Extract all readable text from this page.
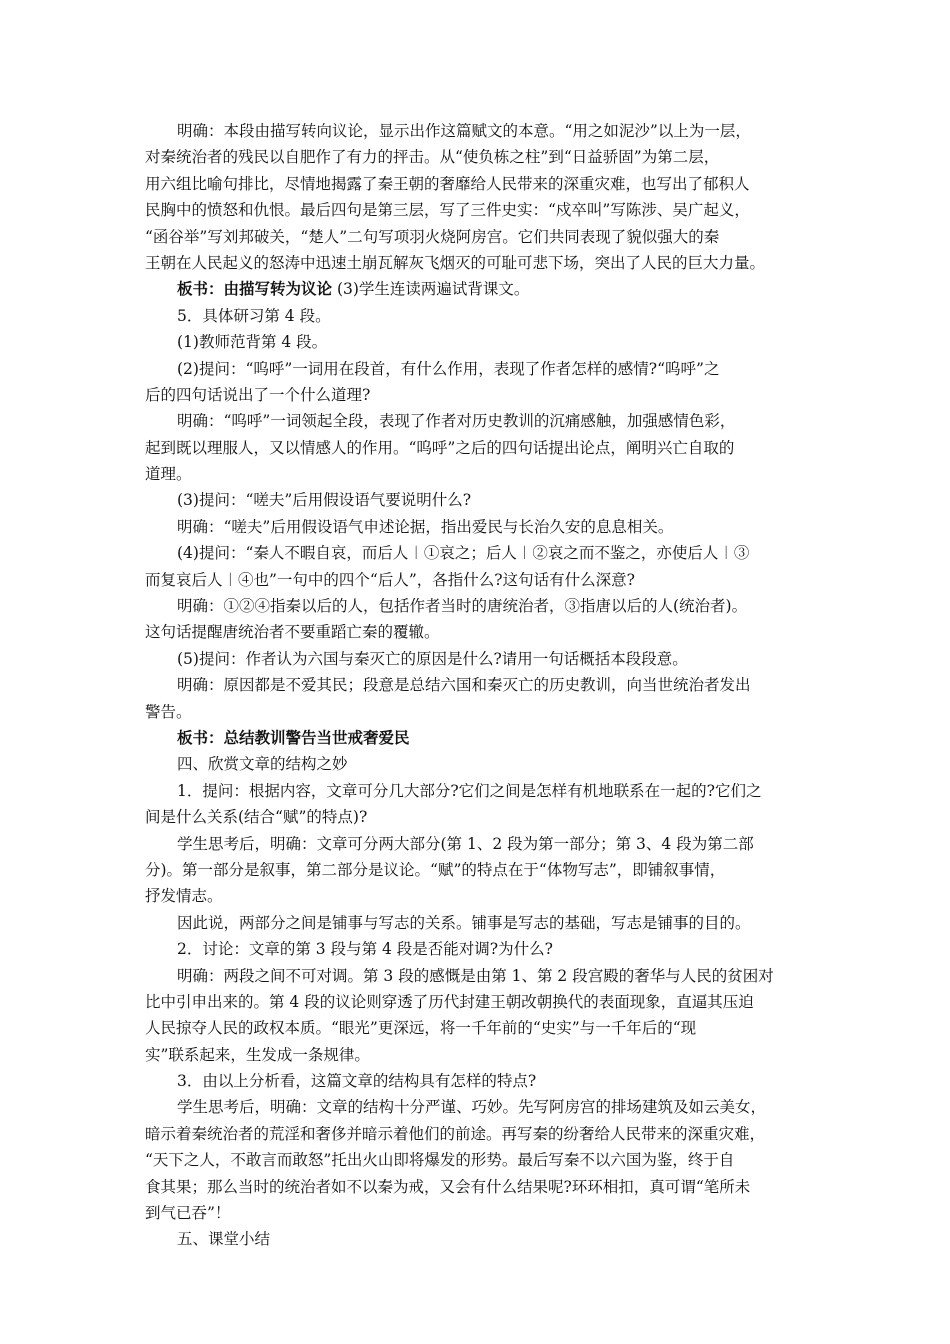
明确：本段由描写转向议论，显示出作这篇赋文的本意。“用之如泥沙”以上为一层，
对秦统治者的残民以自肥作了有力的抨击。从“使负栋之柱”到“日益骄固”为第二层，
用六组比喻句排比，尽情地揭露了秦王朝的奢靡给人民带来的深重灾难，也写出了郁积人
民胸中的愤怒和仇恨。最后四句是第三层，写了三件史实：“戍卒叫”写陈涉、吴广起义，
“函谷举”写刘邦破关，“楚人”二句写项羽火烧阿房宫。它们共同表现了貌似强大的秦
王朝在人民起义的怒涛中迅速土崩瓦解灰飞烟灭的可耻可悲下场，突出了人民的巨大力量。
板书：由描写转为议论 (3)学生连读两遍试背课文。
5．具体研习第 4 段。
(1)教师范背第 4 段。
(2)提问：“呜呼”一词用在段首，有什么作用，表现了作者怎样的感情?“呜呼”之
后的四句话说出了一个什么道理?
明确：“呜呼”一词领起全段，表现了作者对历史教训的沉痛感触，加强感情色彩，
起到既以理服人，又以情感人的作用。“呜呼”之后的四句话提出论点，阐明兴亡自取的
道理。
(3)提问：“嗟夫”后用假设语气要说明什么?
明确：“嗟夫”后用假设语气申述论据，指出爱民与长治久安的息息相关。
(4)提问：“秦人不暇自哀，而后人︱①哀之；后人︱②哀之而不鉴之，亦使后人︱③
而复哀后人︱④也”一句中的四个“后人”，各指什么?这句话有什么深意?
明确：①②④指秦以后的人，包括作者当时的唐统治者，③指唐以后的人(统治者)。
这句话提醒唐统治者不要重蹈亡秦的覆辙。
(5)提问：作者认为六国与秦灭亡的原因是什么?请用一句话概括本段段意。
明确：原因都是不爱其民；段意是总结六国和秦灭亡的历史教训，向当世统治者发出
警告。
板书：总结教训警告当世戒奢爱民
四、欣赏文章的结构之妙
1．提问：根据内容，文章可分几大部分?它们之间是怎样有机地联系在一起的?它们之
间是什么关系(结合“赋”的特点)?
学生思考后，明确：文章可分两大部分(第 1、2 段为第一部分；第 3、4 段为第二部
分)。第一部分是叙事，第二部分是议论。“赋”的特点在于“体物写志”，即铺叙事情，
抒发情志。
因此说，两部分之间是铺事与写志的关系。铺事是写志的基础，写志是铺事的目的。
2．讨论：文章的第 3 段与第 4 段是否能对调?为什么?
明确：两段之间不可对调。第 3 段的感慨是由第 1、第 2 段宫殿的奢华与人民的贫困对
比中引申出来的。第 4 段的议论则穿透了历代封建王朝改朝换代的表面现象，直逼其压迫
人民掠夺人民的政权本质。“眼光”更深远，将一千年前的“史实”与一千年后的“现
实”联系起来，生发成一条规律。
3．由以上分析看，这篇文章的结构具有怎样的特点?
学生思考后，明确：文章的结构十分严谨、巧妙。先写阿房宫的排场建筑及如云美女，
暗示着秦统治者的荒淫和奢侈并暗示着他们的前途。再写秦的纷奢给人民带来的深重灾难，
“天下之人，不敢言而敢怒”托出火山即将爆发的形势。最后写秦不以六国为鉴，终于自
食其果；那么当时的统治者如不以秦为戒，又会有什么结果呢?环环相扣，真可谓“笔所未
到气已吞”！
五、课堂小结
